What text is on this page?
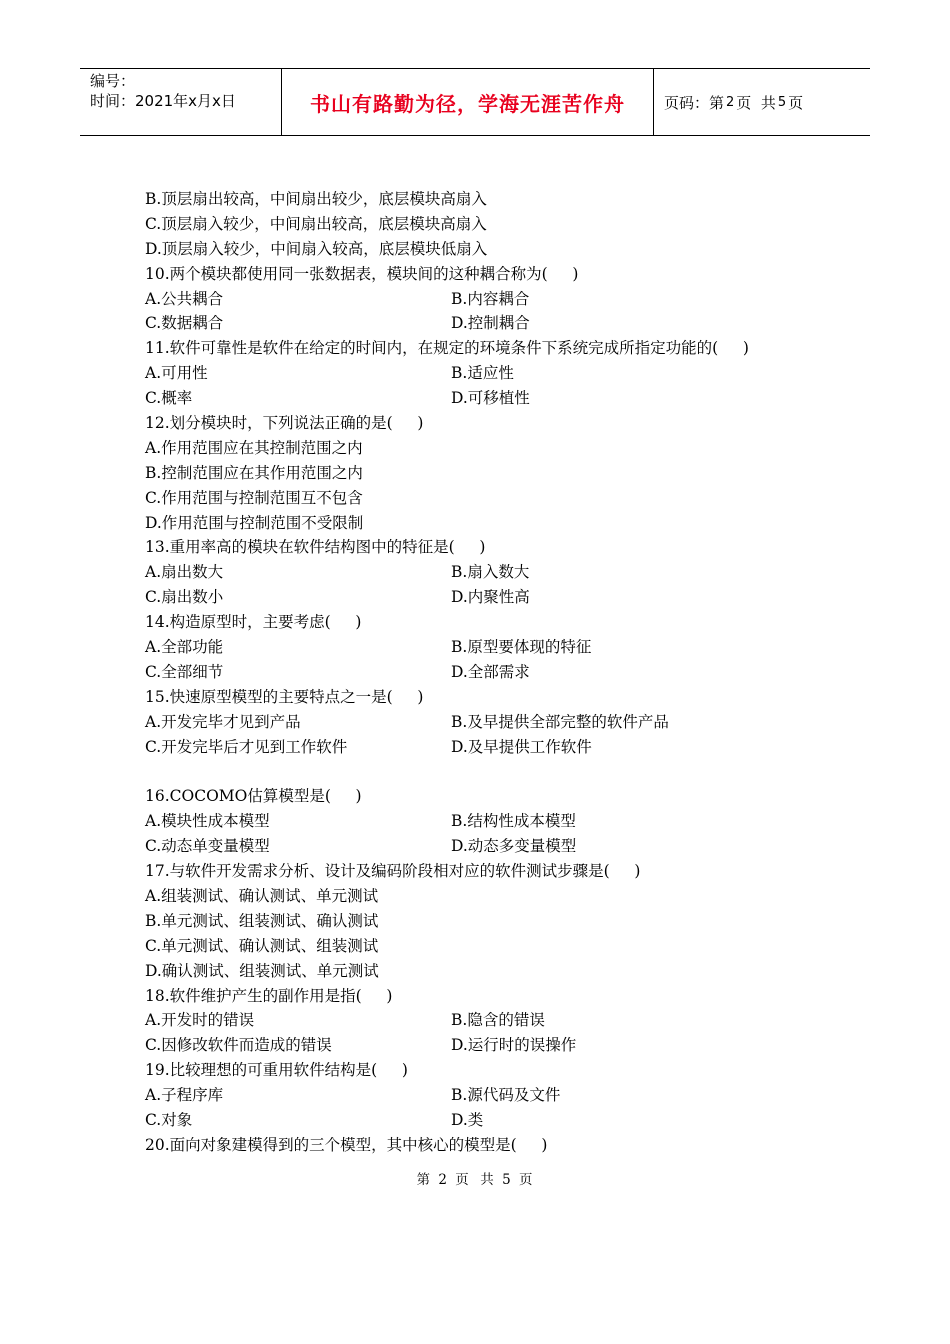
编号：
时间：2021年x月x日	书山有路勤为径，学海无涯苦作舟	页码：第 2 页  共 5 页
B.顶层扇出较高，中间扇出较少，底层模块高扇入
C.顶层扇入较少，中间扇出较高，底层模块高扇入
D.顶层扇入较少，中间扇入较高，底层模块低扇入
10.两个模块都使用同一张数据表，模块间的这种耦合称为(     )
A.公共耦合	B.内容耦合
C.数据耦合	D.控制耦合
11.软件可靠性是软件在给定的时间内，在规定的环境条件下系统完成所指定功能的(     )
A.可用性	B.适应性
C.概率	D.可移植性
12.划分模块时，下列说法正确的是(     )
A.作用范围应在其控制范围之内
B.控制范围应在其作用范围之内
C.作用范围与控制范围互不包含
D.作用范围与控制范围不受限制
13.重用率高的模块在软件结构图中的特征是(     )
A.扇出数大	B.扇入数大
C.扇出数小	D.内聚性高
14.构造原型时，主要考虑(     )
A.全部功能	B.原型要体现的特征
C.全部细节	D.全部需求
15.快速原型模型的主要特点之一是(     )
A.开发完毕才见到产品	B.及早提供全部完整的软件产品
C.开发完毕后才见到工作软件	D.及早提供工作软件
16.COCOMO估算模型是(     )
A.模块性成本模型	B.结构性成本模型
C.动态单变量模型	D.动态多变量模型
17.与软件开发需求分析、设计及编码阶段相对应的软件测试步骤是(     )
A.组装测试、确认测试、单元测试
B.单元测试、组装测试、确认测试
C.单元测试、确认测试、组装测试
D.确认测试、组装测试、单元测试
18.软件维护产生的副作用是指(     )
A.开发时的错误	B.隐含的错误
C.因修改软件而造成的错误	D.运行时的误操作
19.比较理想的可重用软件结构是(     )
A.子程序库	B.源代码及文件
C.对象	D.类
20.面向对象建模得到的三个模型，其中核心的模型是(     )
第 2 页  共 5 页
